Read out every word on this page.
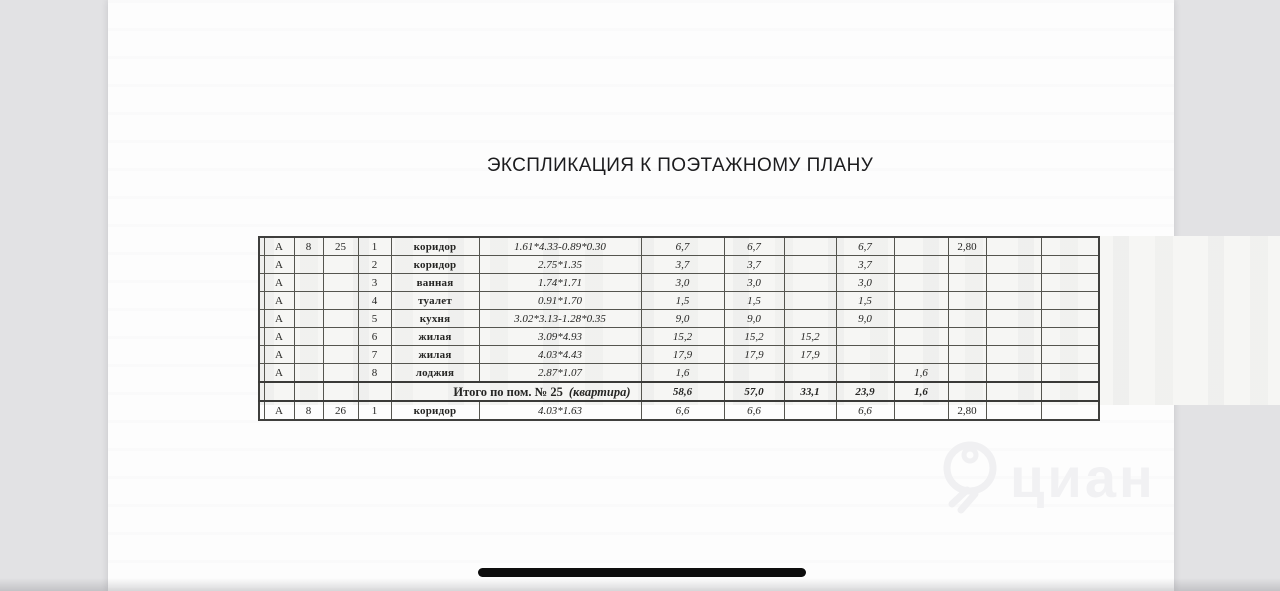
ЭКСПЛИКАЦИЯ К ПОЭТАЖНОМУ ПЛАНУ
	А	8	25	1	коридор	1.61*4.33-0.89*0.30	6,7	6,7		6,7		2,80		
	А			2	коридор	2.75*1.35	3,7	3,7		3,7				
	А			3	ванная	1.74*1.71	3,0	3,0		3,0				
	А			4	туалет	0.91*1.70	1,5	1,5		1,5				
	А			5	кухня	3.02*3.13-1.28*0.35	9,0	9,0		9,0				
	А			6	жилая	3.09*4.93	15,2	15,2	15,2					
	А			7	жилая	4.03*4.43	17,9	17,9	17,9					
	А			8	лоджия	2.87*1.07	1,6				1,6			
					Итого по пом. № 25 (квартира)		58,6	57,0	33,1	23,9	1,6			
	А	8	26	1	коридор	4.03*1.63	6,6	6,6		6,6		2,80		
циан
